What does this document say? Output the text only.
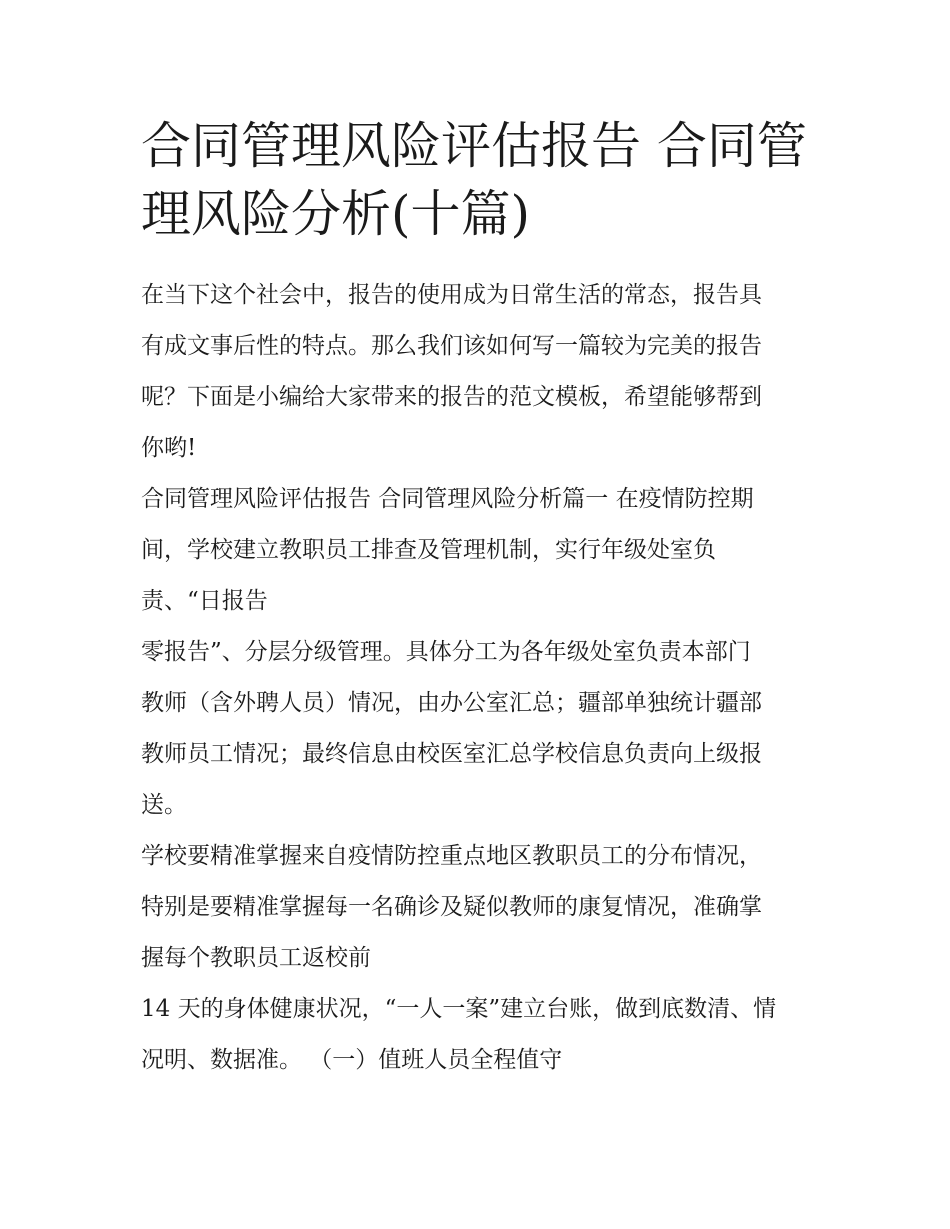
合同管理风险评估报告 合同管
理风险分析(十篇)

在当下这个社会中，报告的使用成为日常生活的常态，报告具
有成文事后性的特点。那么我们该如何写一篇较为完美的报告
呢？下面是小编给大家带来的报告的范文模板，希望能够帮到
你哟!

合同管理风险评估报告 合同管理风险分析篇一 在疫情防控期
间，学校建立教职员工排查及管理机制，实行年级处室负
责、“日报告

零报告”、分层分级管理。具体分工为各年级处室负责本部门
教师（含外聘人员）情况，由办公室汇总；疆部单独统计疆部
教师员工情况；最终信息由校医室汇总学校信息负责向上级报
送。

学校要精准掌握来自疫情防控重点地区教职员工的分布情况，
特别是要精准掌握每一名确诊及疑似教师的康复情况，准确掌
握每个教职员工返校前

14 天的身体健康状况，“一人一案”建立台账，做到底数清、情
况明、数据准。 （一）值班人员全程值守
